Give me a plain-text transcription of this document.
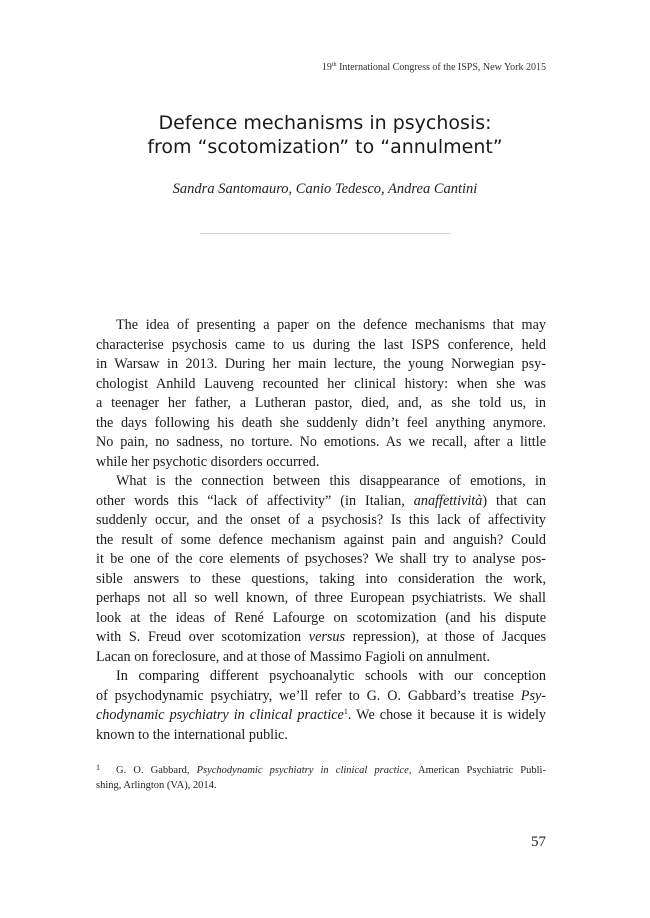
19th International Congress of the ISPS, New York 2015
Defence mechanisms in psychosis:
from “scotomization” to “annulment”
Sandra Santomauro, Canio Tedesco, Andrea Cantini
The idea of presenting a paper on the defence mechanisms that may
characterise psychosis came to us during the last ISPS conference, held
in Warsaw in 2013. During her main lecture, the young Norwegian psy-
chologist Anhild Lauveng recounted her clinical history: when she was
a teenager her father, a Lutheran pastor, died, and, as she told us, in
the days following his death she suddenly didn’t feel anything anymore.
No pain, no sadness, no torture. No emotions. As we recall, after a little
while her psychotic disorders occurred.
What is the connection between this disappearance of emotions, in
other words this “lack of affectivity” (in Italian, anaffettività) that can
suddenly occur, and the onset of a psychosis? Is this lack of affectivity
the result of some defence mechanism against pain and anguish? Could
it be one of the core elements of psychoses? We shall try to analyse pos-
sible answers to these questions, taking into consideration the work,
perhaps not all so well known, of three European psychiatrists. We shall
look at the ideas of René Lafourge on scotomization (and his dispute
with S. Freud over scotomization versus repression), at those of Jacques
Lacan on foreclosure, and at those of Massimo Fagioli on annulment.
In comparing different psychoanalytic schools with our conception
of psychodynamic psychiatry, we’ll refer to G. O. Gabbard’s treatise Psy-
chodynamic psychiatry in clinical practice$^1$. We chose it because it is widely
known to the international public.
1 G. O. Gabbard, Psychodynamic psychiatry in clinical practice, American Psychiatric Publi-
shing, Arlington (VA), 2014.
57
